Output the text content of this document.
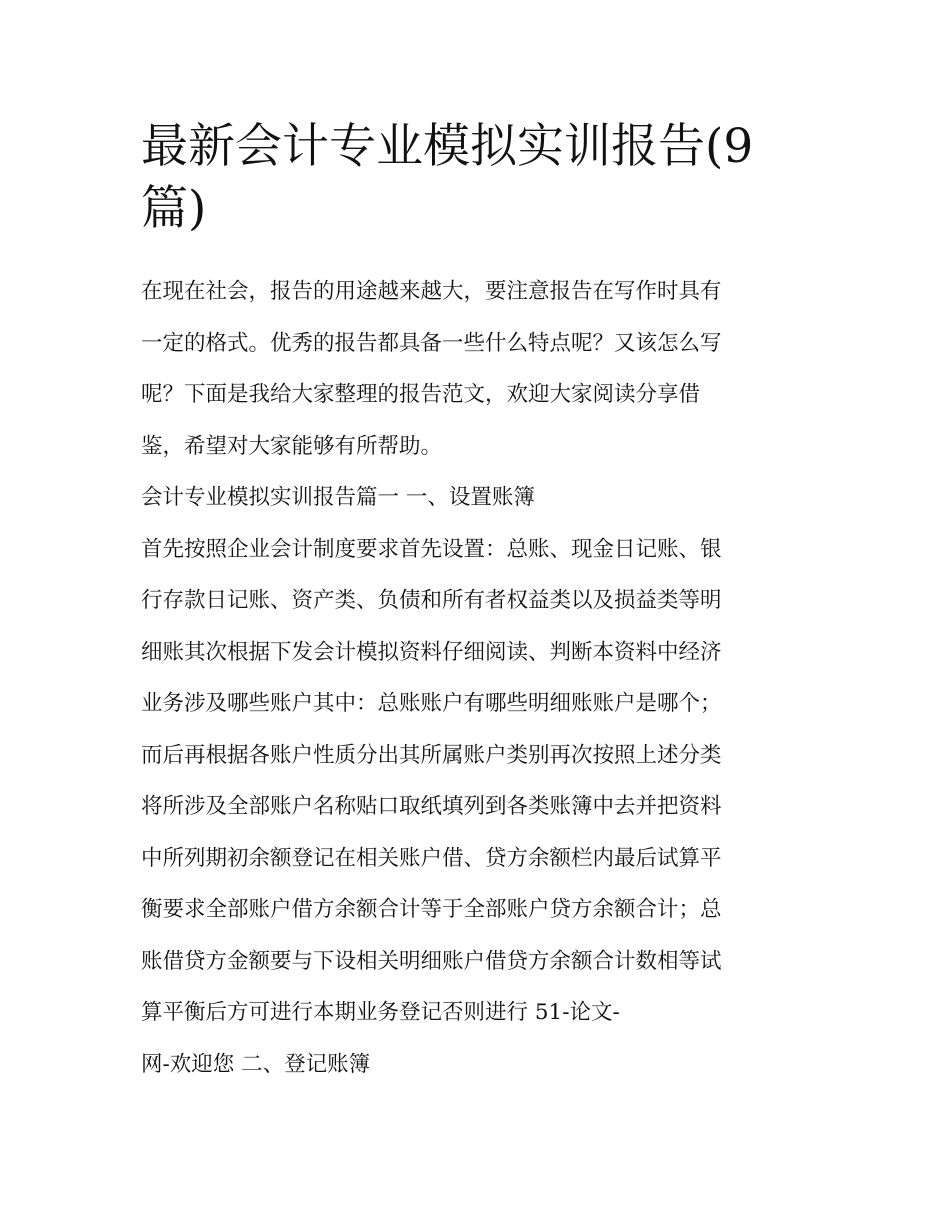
最新会计专业模拟实训报告(9
篇)

在现在社会，报告的用途越来越大，要注意报告在写作时具有
一定的格式。优秀的报告都具备一些什么特点呢？又该怎么写
呢？下面是我给大家整理的报告范文，欢迎大家阅读分享借
鉴，希望对大家能够有所帮助。

会计专业模拟实训报告篇一 一、设置账簿

首先按照企业会计制度要求首先设置：总账、现金日记账、银
行存款日记账、资产类、负债和所有者权益类以及损益类等明
细账其次根据下发会计模拟资料仔细阅读、判断本资料中经济
业务涉及哪些账户其中：总账账户有哪些明细账账户是哪个；
而后再根据各账户性质分出其所属账户类别再次按照上述分类
将所涉及全部账户名称贴口取纸填列到各类账簿中去并把资料
中所列期初余额登记在相关账户借、贷方余额栏内最后试算平
衡要求全部账户借方余额合计等于全部账户贷方余额合计；总
账借贷方金额要与下设相关明细账户借贷方余额合计数相等试
算平衡后方可进行本期业务登记否则进行 51-论文-

网-欢迎您 二、登记账簿
